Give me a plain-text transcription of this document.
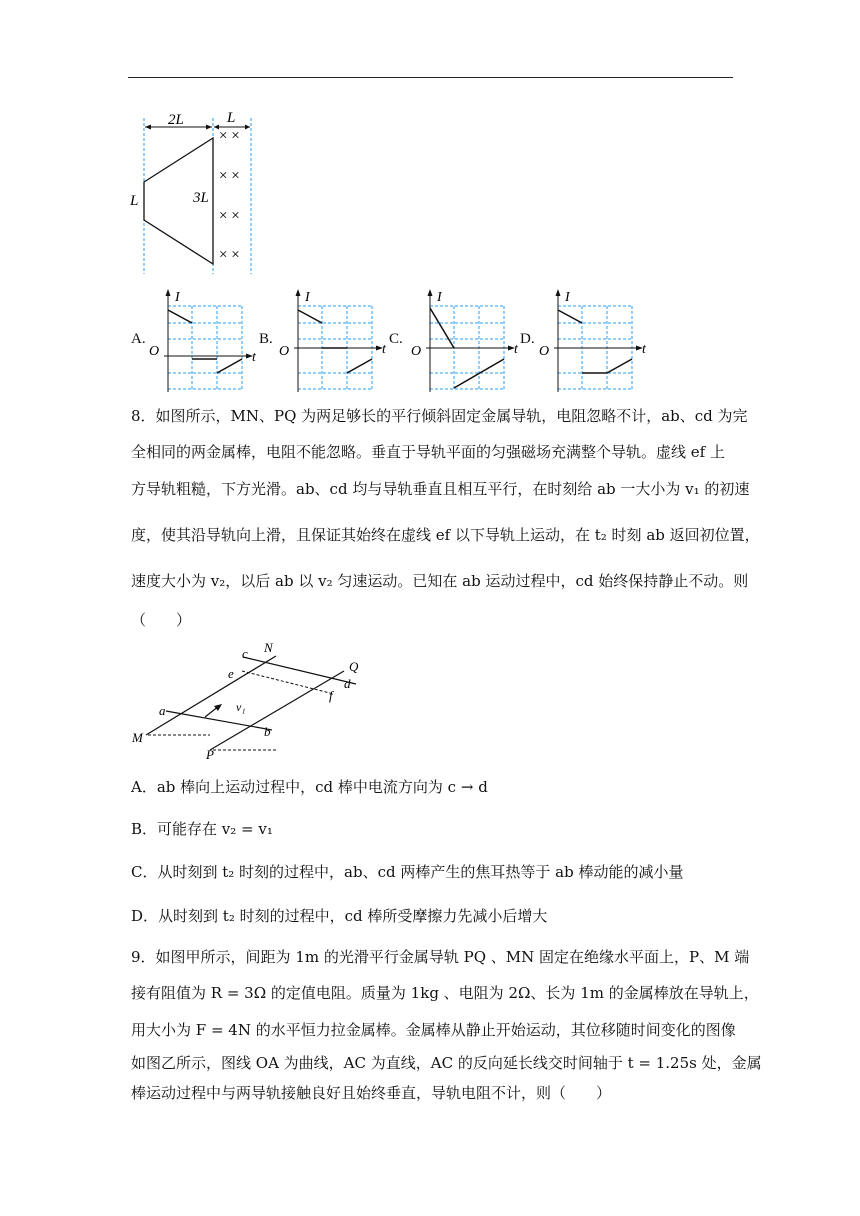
2L	L
L	3L
× ×
× ×
× ×
× ×
A.
I
t
O
B.
I
t
O
C.
I
t
O
D.
I
t
O
8．如图所示，MN、PQ 为两足够长的平行倾斜固定金属导轨，电阻忽略不计，ab、cd 为完
全相同的两金属棒，电阻不能忽略。垂直于导轨平面的匀强磁场充满整个导轨。虚线 ef 上
方导轨粗糙，下方光滑。ab、cd 均与导轨垂直且相互平行，在时刻给 ab 一大小为 v₁ 的初速
度，使其沿导轨向上滑，且保证其始终在虚线 ef 以下导轨上运动，在 t₂ 时刻 ab 返回初位置，
速度大小为 v₂，以后 ab 以 v₂ 匀速运动。已知在 ab 运动过程中，cd 始终保持静止不动。则
（　　）
N
c
Q
e
d
f
a	v₁
b
M
P
A．ab 棒向上运动过程中，cd 棒中电流方向为 c → d
B．可能存在 v₂ = v₁
C．从时刻到 t₂ 时刻的过程中，ab、cd 两棒产生的焦耳热等于 ab 棒动能的减小量
D．从时刻到 t₂ 时刻的过程中，cd 棒所受摩擦力先减小后增大
9．如图甲所示，间距为 1m 的光滑平行金属导轨 PQ 、MN 固定在绝缘水平面上，P、M 端
接有阻值为 R = 3Ω 的定值电阻。质量为 1kg 、电阻为 2Ω、长为 1m 的金属棒放在导轨上，
用大小为 F = 4N 的水平恒力拉金属棒。金属棒从静止开始运动，其位移随时间变化的图像
如图乙所示，图线 OA 为曲线，AC 为直线，AC 的反向延长线交时间轴于 t = 1.25s 处，金属
棒运动过程中与两导轨接触良好且始终垂直，导轨电阻不计，则（　　）
